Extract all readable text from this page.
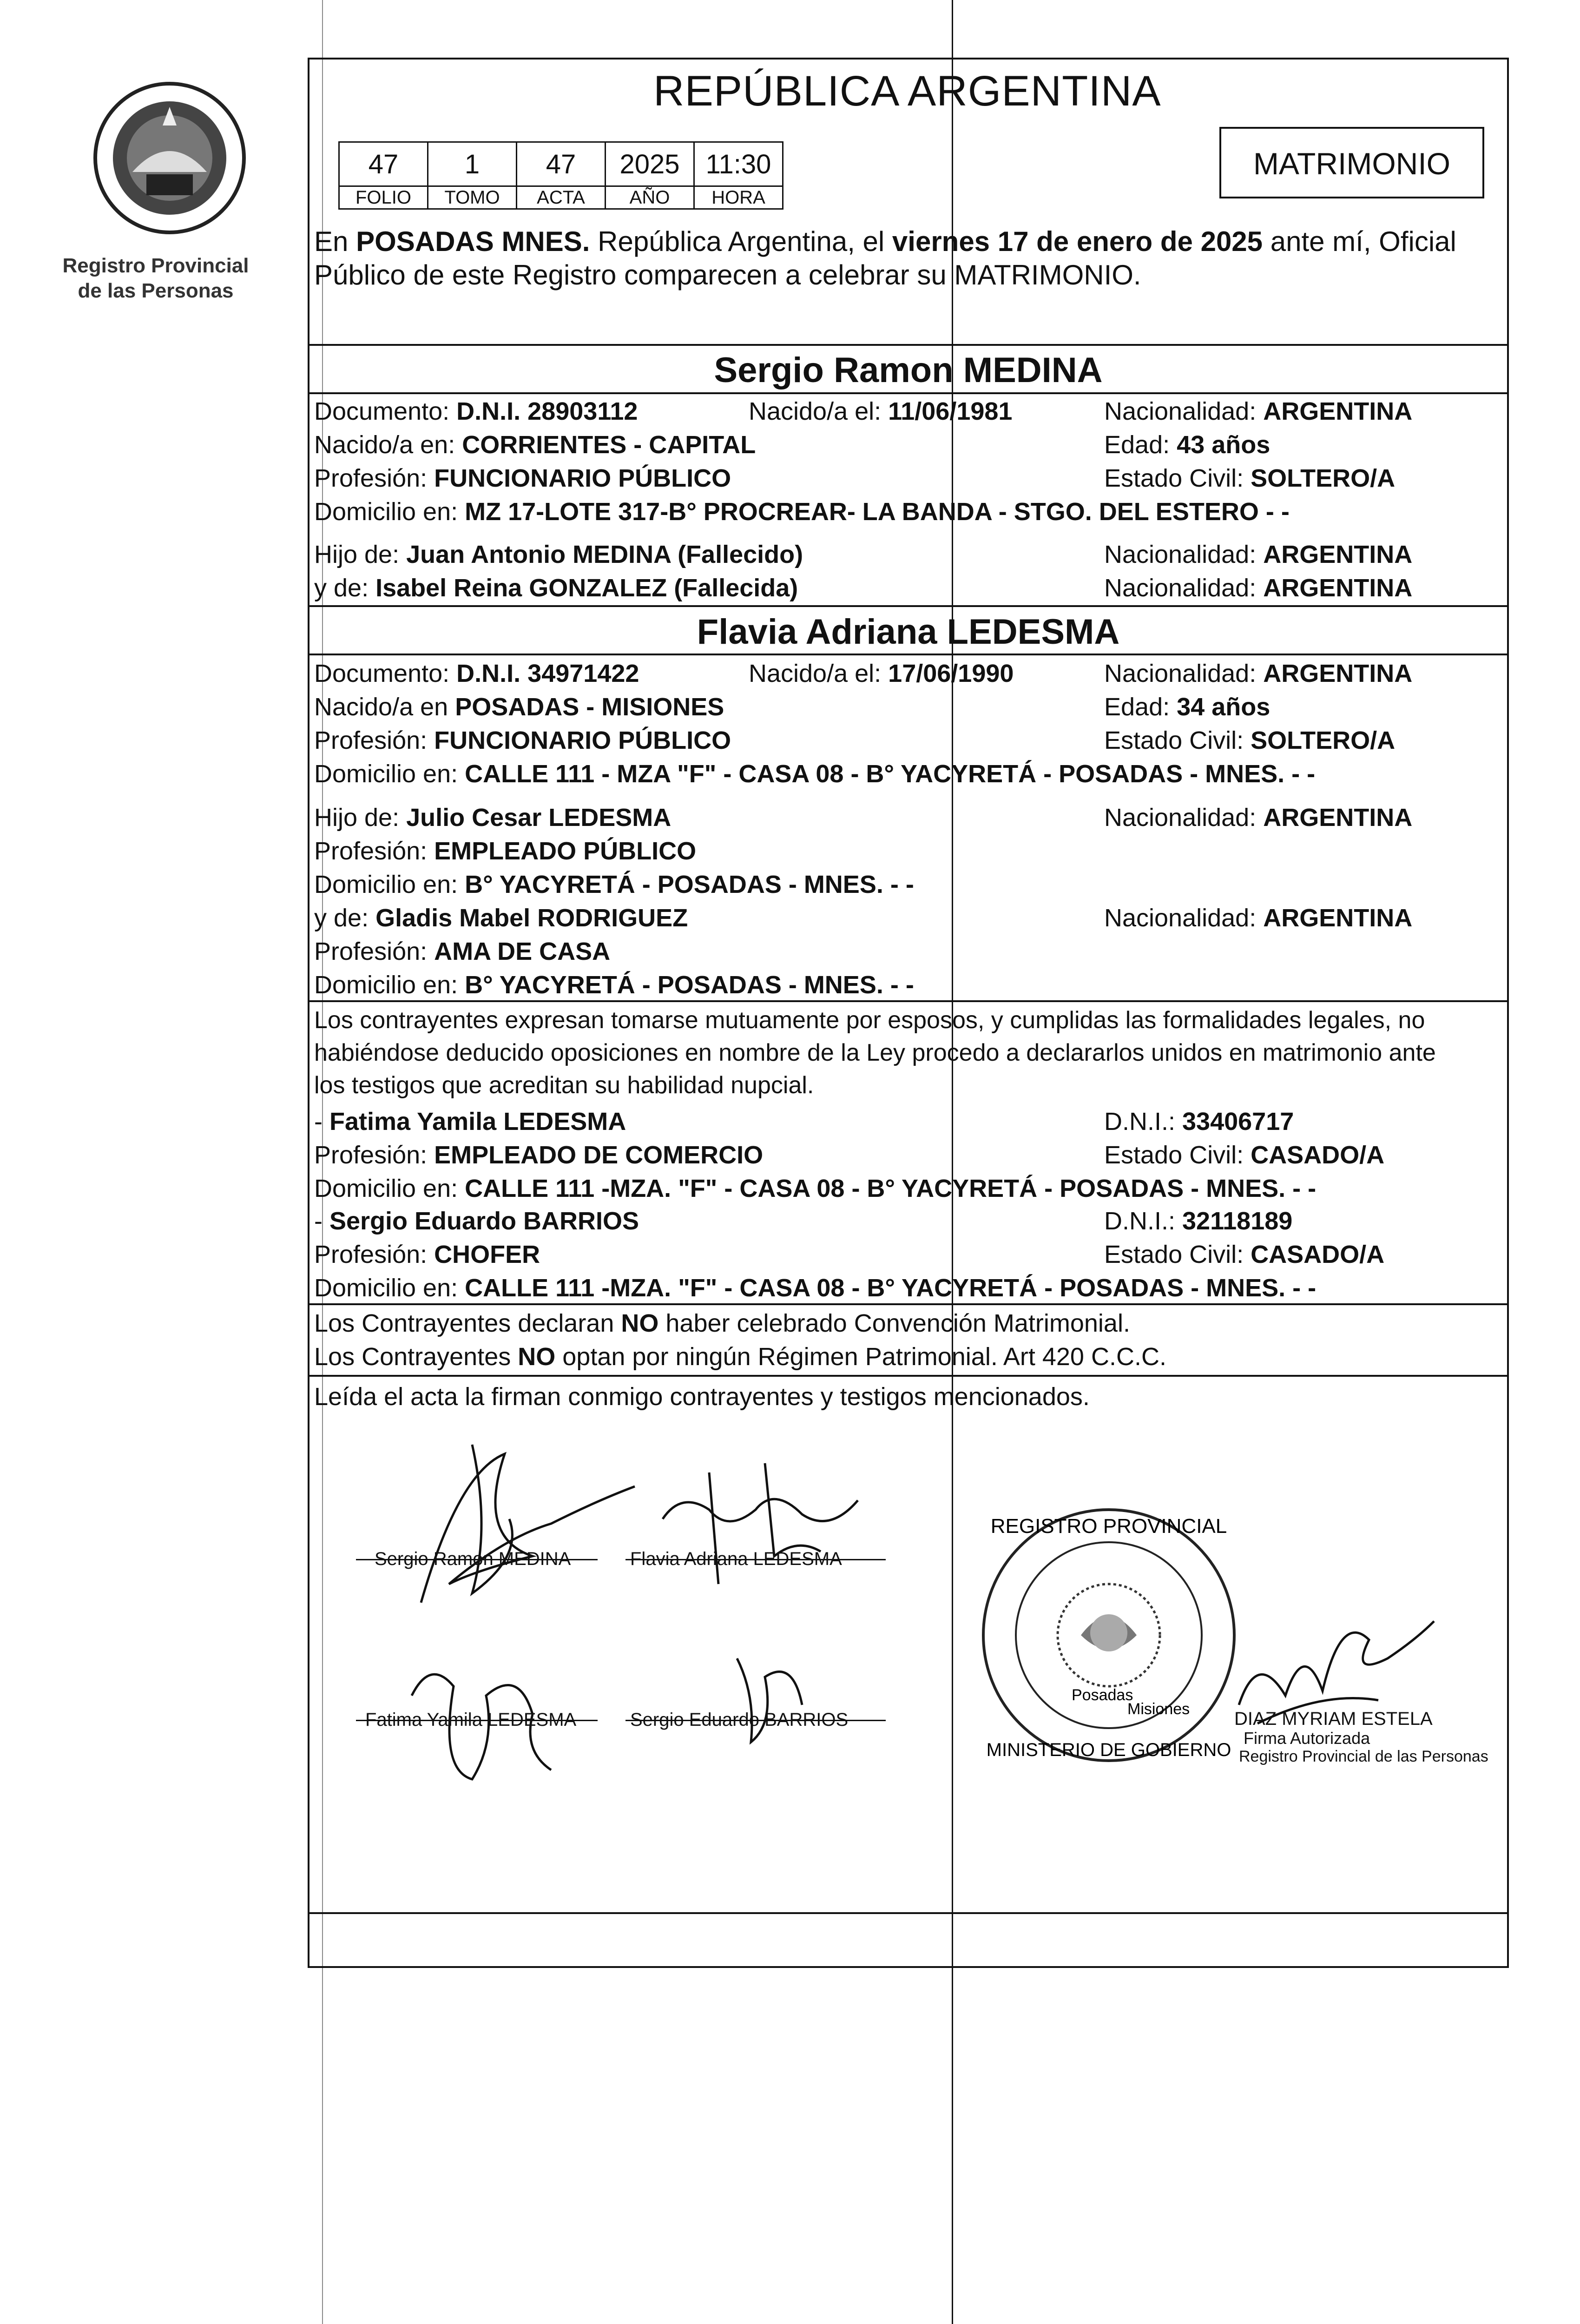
Registro Provincial
de las Personas
REPÚBLICA ARGENTINA
47	1	47	2025	11:30
FOLIO	TOMO	ACTA	AÑO	HORA
MATRIMONIO
En POSADAS MNES. República Argentina, el viernes 17 de enero de 2025 ante mí, Oficial
Público de este Registro comparecen a celebrar su MATRIMONIO.
Sergio Ramon MEDINA
Documento: D.N.I. 28903112	Nacido/a el: 11/06/1981	Nacionalidad: ARGENTINA
Nacido/a en: CORRIENTES - CAPITAL	Edad: 43 años
Profesión: FUNCIONARIO PÚBLICO	Estado Civil: SOLTERO/A
Domicilio en: MZ 17-LOTE 317-B° PROCREAR- LA BANDA - STGO. DEL ESTERO - -
Hijo de: Juan Antonio MEDINA (Fallecido)	Nacionalidad: ARGENTINA
y de: Isabel Reina GONZALEZ (Fallecida)	Nacionalidad: ARGENTINA
Flavia Adriana LEDESMA
Documento: D.N.I. 34971422	Nacido/a el: 17/06/1990	Nacionalidad: ARGENTINA
Nacido/a en POSADAS - MISIONES	Edad: 34 años
Profesión: FUNCIONARIO PÚBLICO	Estado Civil: SOLTERO/A
Domicilio en: CALLE 111 - MZA "F" - CASA 08 - B° YACYRETÁ - POSADAS - MNES. - -
Hijo de: Julio Cesar LEDESMA	Nacionalidad: ARGENTINA
Profesión: EMPLEADO PÚBLICO
Domicilio en: B° YACYRETÁ - POSADAS - MNES. - -
y de: Gladis Mabel RODRIGUEZ	Nacionalidad: ARGENTINA
Profesión: AMA DE CASA
Domicilio en: B° YACYRETÁ - POSADAS - MNES. - -
Los contrayentes expresan tomarse mutuamente por esposos, y cumplidas las formalidades legales, no
habiéndose deducido oposiciones en nombre de la Ley procedo a declararlos unidos en matrimonio ante
los testigos que acreditan su habilidad nupcial.
- Fatima Yamila LEDESMA	D.N.I.: 33406717
Profesión: EMPLEADO DE COMERCIO	Estado Civil: CASADO/A
Domicilio en: CALLE 111 -MZA. "F" - CASA 08 - B° YACYRETÁ - POSADAS - MNES. - -
- Sergio Eduardo BARRIOS	D.N.I.: 32118189
Profesión: CHOFER	Estado Civil: CASADO/A
Domicilio en: CALLE 111 -MZA. "F" - CASA 08 - B° YACYRETÁ - POSADAS - MNES. - -
Los Contrayentes declaran NO haber celebrado Convención Matrimonial.
Los Contrayentes NO optan por ningún Régimen Patrimonial. Art 420 C.C.C.
Leída el acta la firman conmigo contrayentes y testigos mencionados.
Sergio Ramon MEDINA	Flavia Adriana LEDESMA
Fatima Yamila LEDESMA	Sergio Eduardo BARRIOS
REGISTRO PROVINCIAL
MINISTERIO DE GOBIERNO
Posadas
Misiones DIAZ MYRIAM ESTELA
Firma Autorizada
Registro Provincial de las Personas
